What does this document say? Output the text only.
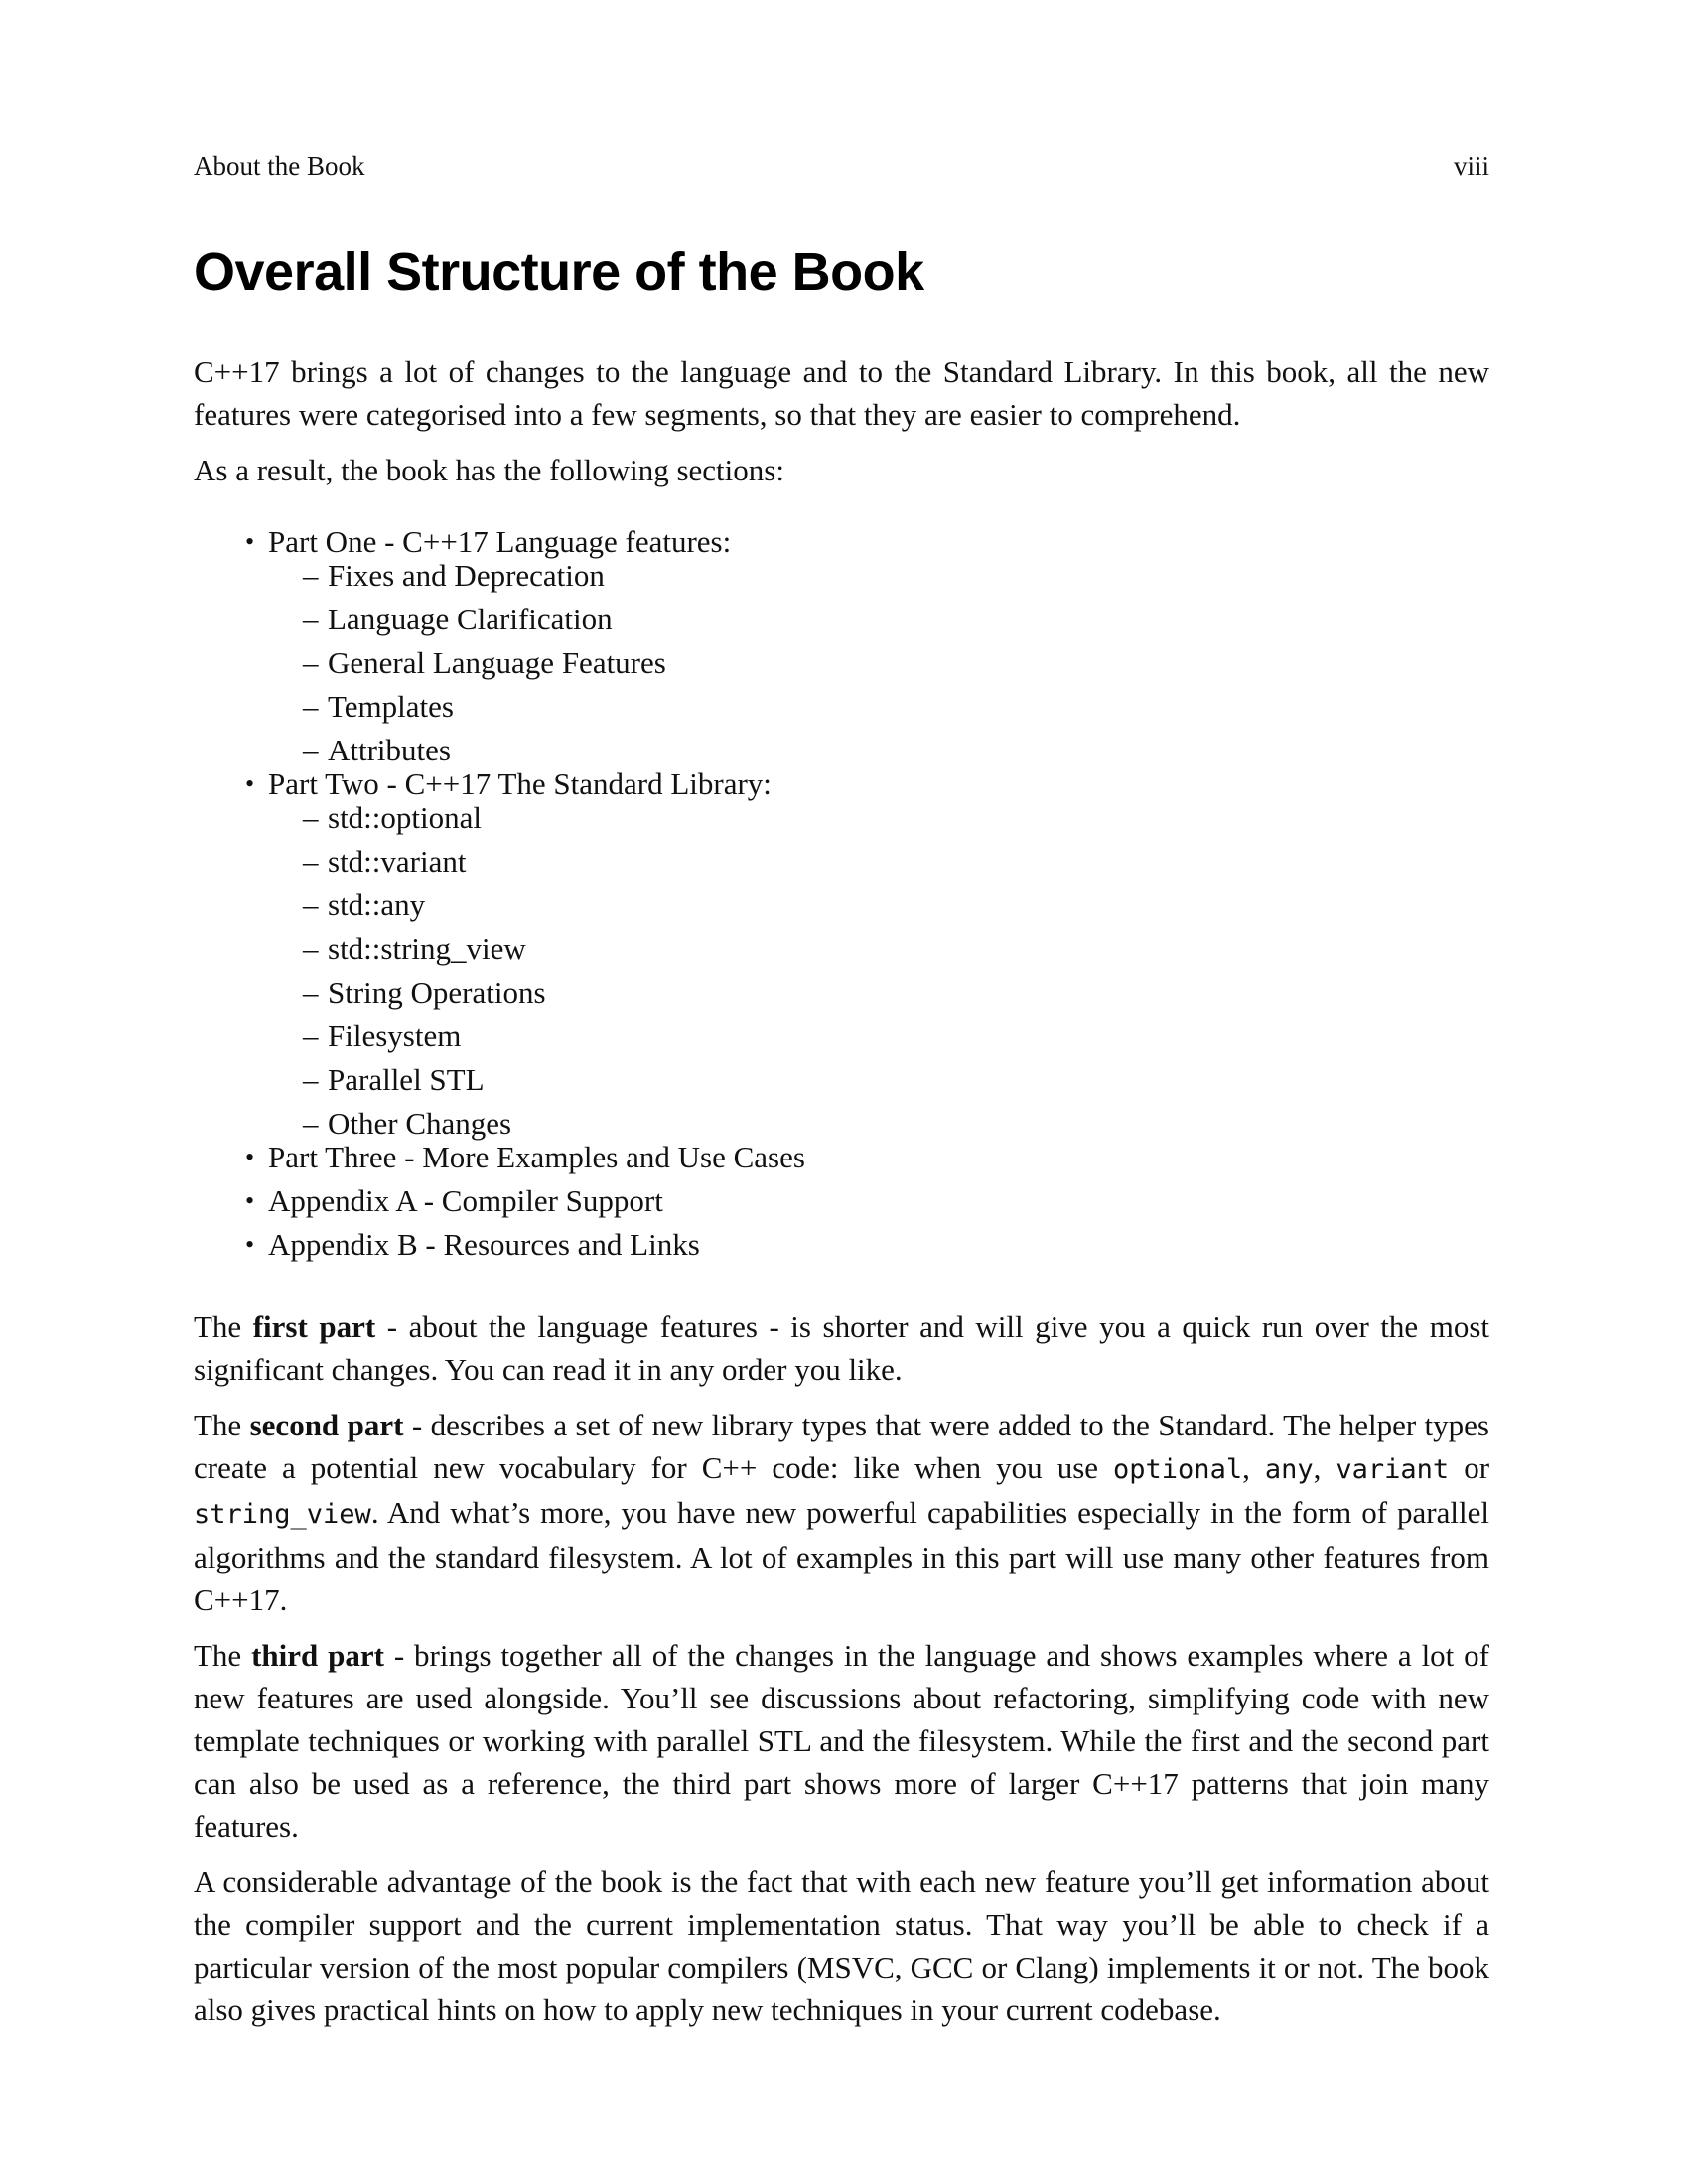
About the Book	viii
Overall Structure of the Book

C++17 brings a lot of changes to the language and to the Standard Library. In this book, all the new features were categorised into a few segments, so that they are easier to comprehend.

As a result, the book has the following sections:

• Part One - C++17 Language features:
– Fixes and Deprecation
– Language Clarification
– General Language Features
– Templates
– Attributes
• Part Two - C++17 The Standard Library:
– std::optional
– std::variant
– std::any
– std::string_view
– String Operations
– Filesystem
– Parallel STL
– Other Changes
• Part Three - More Examples and Use Cases
• Appendix A - Compiler Support
• Appendix B - Resources and Links

The first part - about the language features - is shorter and will give you a quick run over the most significant changes. You can read it in any order you like.

The second part - describes a set of new library types that were added to the Standard. The helper types create a potential new vocabulary for C++ code: like when you use optional, any, variant or string_view. And what’s more, you have new powerful capabilities especially in the form of parallel algorithms and the standard filesystem. A lot of examples in this part will use many other features from C++17.

The third part - brings together all of the changes in the language and shows examples where a lot of new features are used alongside. You’ll see discussions about refactoring, simplifying code with new template techniques or working with parallel STL and the filesystem. While the first and the second part can also be used as a reference, the third part shows more of larger C++17 patterns that join many features.

A considerable advantage of the book is the fact that with each new feature you’ll get information about the compiler support and the current implementation status. That way you’ll be able to check if a particular version of the most popular compilers (MSVC, GCC or Clang) implements it or not. The book also gives practical hints on how to apply new techniques in your current codebase.
